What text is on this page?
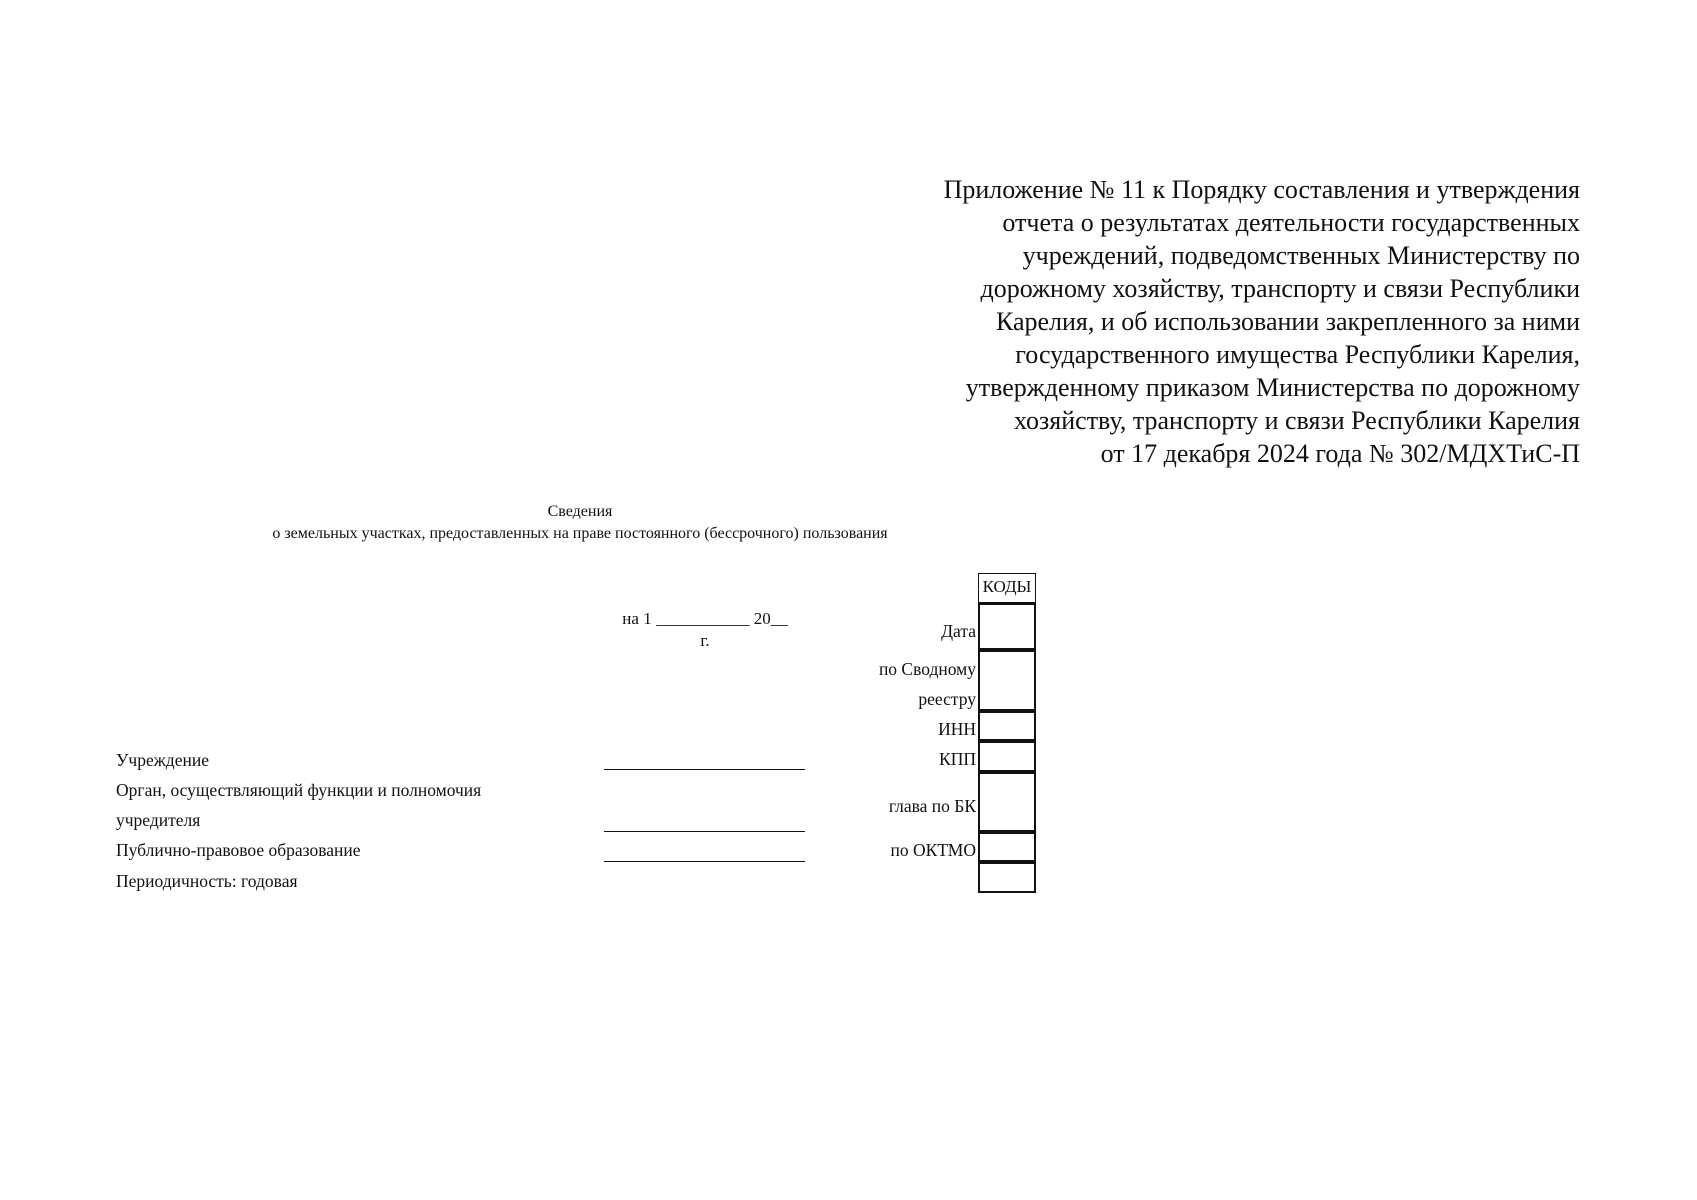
Приложение № 11 к Порядку составления и утверждения
отчета о результатах деятельности государственных
учреждений, подведомственных Министерству по
дорожному хозяйству, транспорту и связи Республики
Карелия, и об использовании закрепленного за ними
государственного имущества Республики Карелия,
утвержденному приказом Министерства по дорожному
хозяйству, транспорту и связи Республики Карелия
от 17 декабря 2024 года № 302/МДХТиС-П
Сведения
о земельных участках, предоставленных на праве постоянного (бессрочного) пользования
на 1 ___________ 20__
г.
Учреждение
Орган, осуществляющий функции и полномочия
учредителя
Публично-правовое образование
Периодичность: годовая
Дата
по Сводному
реестру
ИНН
КПП
глава по БК
по ОКТМО
КОДЫ
